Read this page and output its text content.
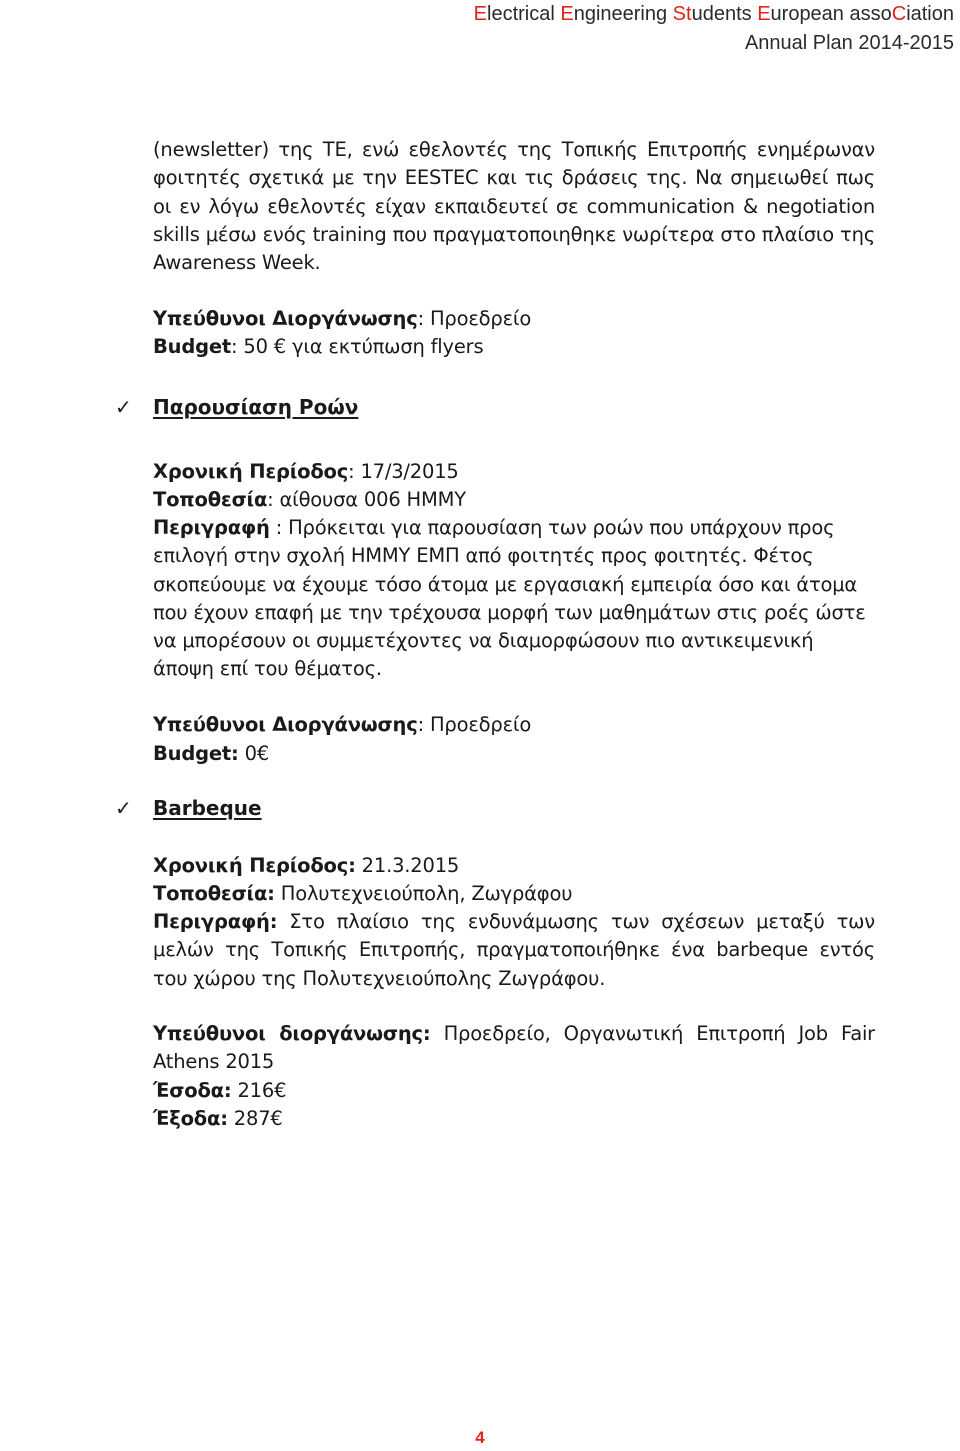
Electrical Engineering Students European assoCiation
Annual Plan 2014-2015
(newsletter) της ΤΕ, ενώ εθελοντές της Τοπικής Επιτροπής ενημέρωναν φοιτητές σχετικά με την EESTEC και τις δράσεις της. Να σημειωθεί πως οι εν λόγω εθελοντές είχαν εκπαιδευτεί σε communication & negotiation skills μέσω ενός training που πραγματοποιηθηκε νωρίτερα στο πλαίσιο της Awareness Week.
Υπεύθυνοι Διοργάνωσης: Προεδρείο
Budget: 50 € για εκτύπωση flyers
✓ Παρουσίαση Ροών
Χρονική Περίοδος: 17/3/2015
Τοποθεσία: αίθουσα 006 ΗΜΜΥ
Περιγραφή : Πρόκειται για παρουσίαση των ροών που υπάρχουν προς επιλογή στην σχολή ΗΜΜΥ ΕΜΠ από φοιτητές προς φοιτητές. Φέτος σκοπεύουμε να έχουμε τόσο άτομα με εργασιακή εμπειρία όσο και άτομα που έχουν επαφή με την τρέχουσα μορφή των μαθημάτων στις ροές ώστε να μπορέσουν οι συμμετέχοντες να διαμορφώσουν πιο αντικειμενική άποψη επί του θέματος.
Υπεύθυνοι Διοργάνωσης: Προεδρείο
Budget: 0€
✓ Barbeque
Χρονική Περίοδος: 21.3.2015
Τοποθεσία: Πολυτεχνειούπολη, Ζωγράφου
Περιγραφή: Στο πλαίσιο της ενδυνάμωσης των σχέσεων μεταξύ των μελών της Τοπικής Επιτροπής, πραγματοποιήθηκε ένα barbeque εντός του χώρου της Πολυτεχνειούπολης Ζωγράφου.
Υπεύθυνοι διοργάνωσης: Προεδρείο, Οργανωτική Επιτροπή Job Fair Athens 2015
Έσοδα: 216€
Έξοδα: 287€
4
